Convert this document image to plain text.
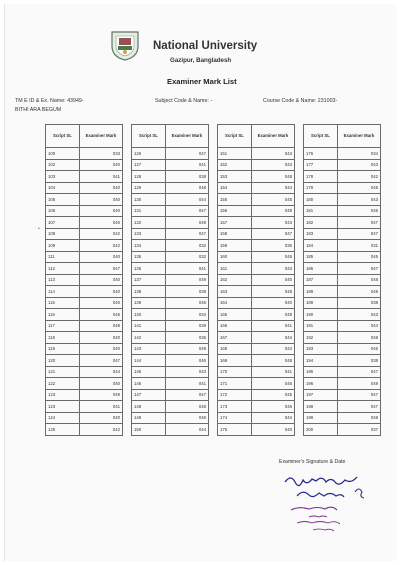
National University
Gazipur, Bangladesh
Examiner Mark List
TM E ID & Ex. Name: 43949-
BITHI ARA BEGUM
Subject Code & Name: -	Course Code & Name: 231003-
•
Script SL	Examiner Mark
100	033
102	040
103	041
104	040
105	040
106	040
107	040
108	042
109	042
111	040
112	047
113	040
114	040
115	040
116	045
117	048
118	040
119	040
120	047
121	044
122	040
123	049
123	041
124	040
125	042
Script SL	Examiner Mark
126	047
127	041
128	038
129	048
130	044
131	047
132	049
133	047
134	032
135	032
136	041
137	049
138	038
139	046
140	034
141	038
142	035
143	049
144	046
145	043
146	041
147	047
148	048
149	046
150	044
Script SL	Examiner Mark
151	043
152	043
153	048
154	044
155	045
156	048
157	043
158	047
159	036
160	046
161	043
162	040
163	048
164	040
165	048
166	041
167	044
168	044
169	048
170	041
171	046
172	045
173	046
174	044
175	040
Script SL	Examiner Mark
176	034
177	043
178	042
179	045
180	043
181	046
182	047
183	047
184	031
185	045
186	047
187	048
188	049
189	038
190	043
191	044
192	048
193	046
194	038
195	047
196	049
197	047
198	047
199	048
200	037
Examiner's Signature & Date
